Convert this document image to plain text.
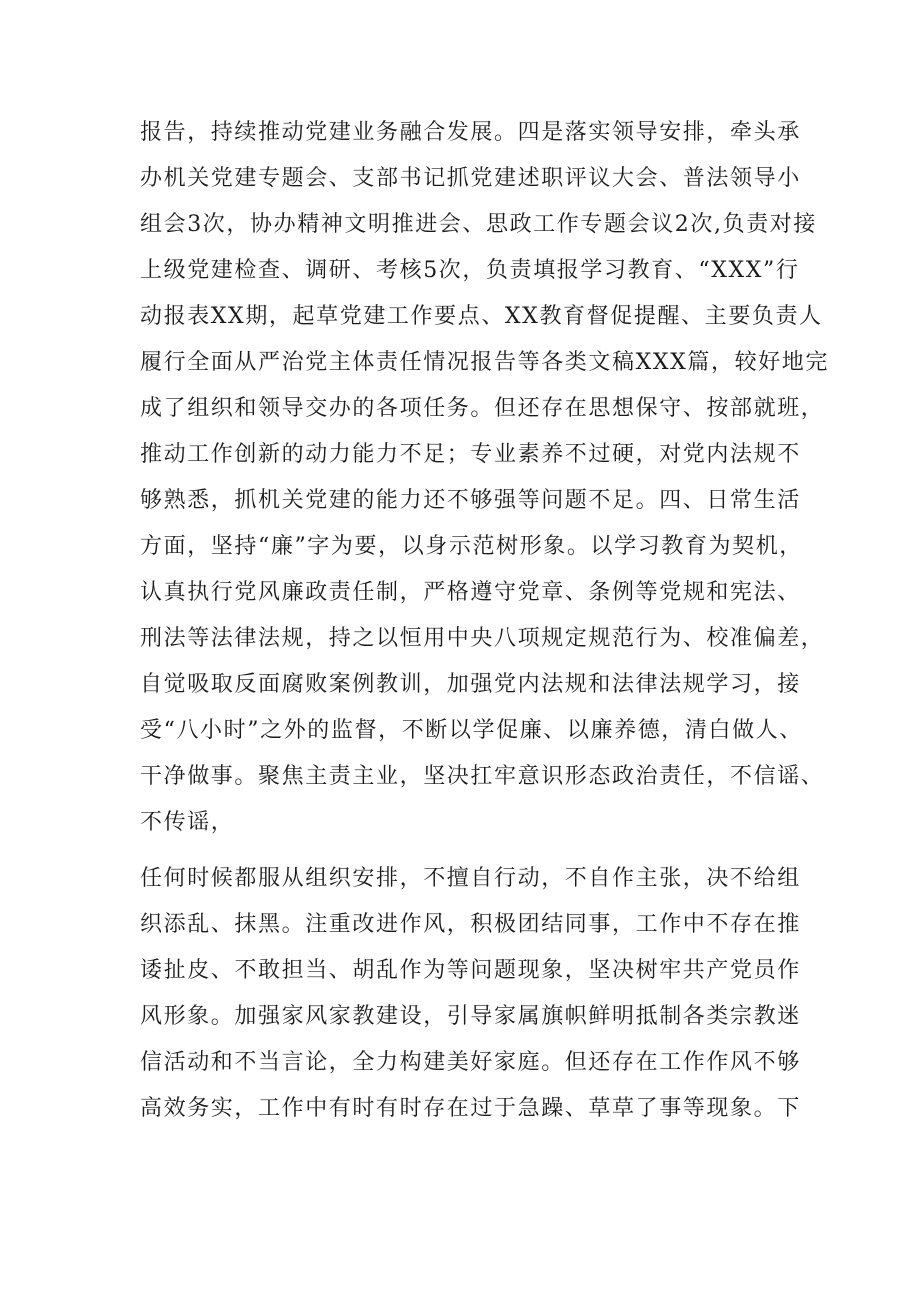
报告，持续推动党建业务融合发展。四是落实领导安排，牵头承
办机关党建专题会、支部书记抓党建述职评议大会、普法领导小
组会3次，协办精神文明推进会、思政工作专题会议2次,负责对接
上级党建检查、调研、考核5次，负责填报学习教育、“XXX”行
动报表XX期，起草党建工作要点、XX教育督促提醒、主要负责人
履行全面从严治党主体责任情况报告等各类文稿XXX篇，较好地完
成了组织和领导交办的各项任务。但还存在思想保守、按部就班，
推动工作创新的动力能力不足；专业素养不过硬，对党内法规不
够熟悉，抓机关党建的能力还不够强等问题不足。四、日常生活
方面，坚持“廉”字为要，以身示范树形象。以学习教育为契机，
认真执行党风廉政责任制，严格遵守党章、条例等党规和宪法、
刑法等法律法规，持之以恒用中央八项规定规范行为、校准偏差，
自觉吸取反面腐败案例教训，加强党内法规和法律法规学习，接
受“八小时”之外的监督，不断以学促廉、以廉养德，清白做人、
干净做事。聚焦主责主业，坚决扛牢意识形态政治责任，不信谣、
不传谣，
任何时候都服从组织安排，不擅自行动，不自作主张，决不给组
织添乱、抹黑。注重改进作风，积极团结同事，工作中不存在推
诿扯皮、不敢担当、胡乱作为等问题现象，坚决树牢共产党员作
风形象。加强家风家教建设，引导家属旗帜鲜明抵制各类宗教迷
信活动和不当言论，全力构建美好家庭。但还存在工作作风不够
高效务实，工作中有时有时存在过于急躁、草草了事等现象。下
